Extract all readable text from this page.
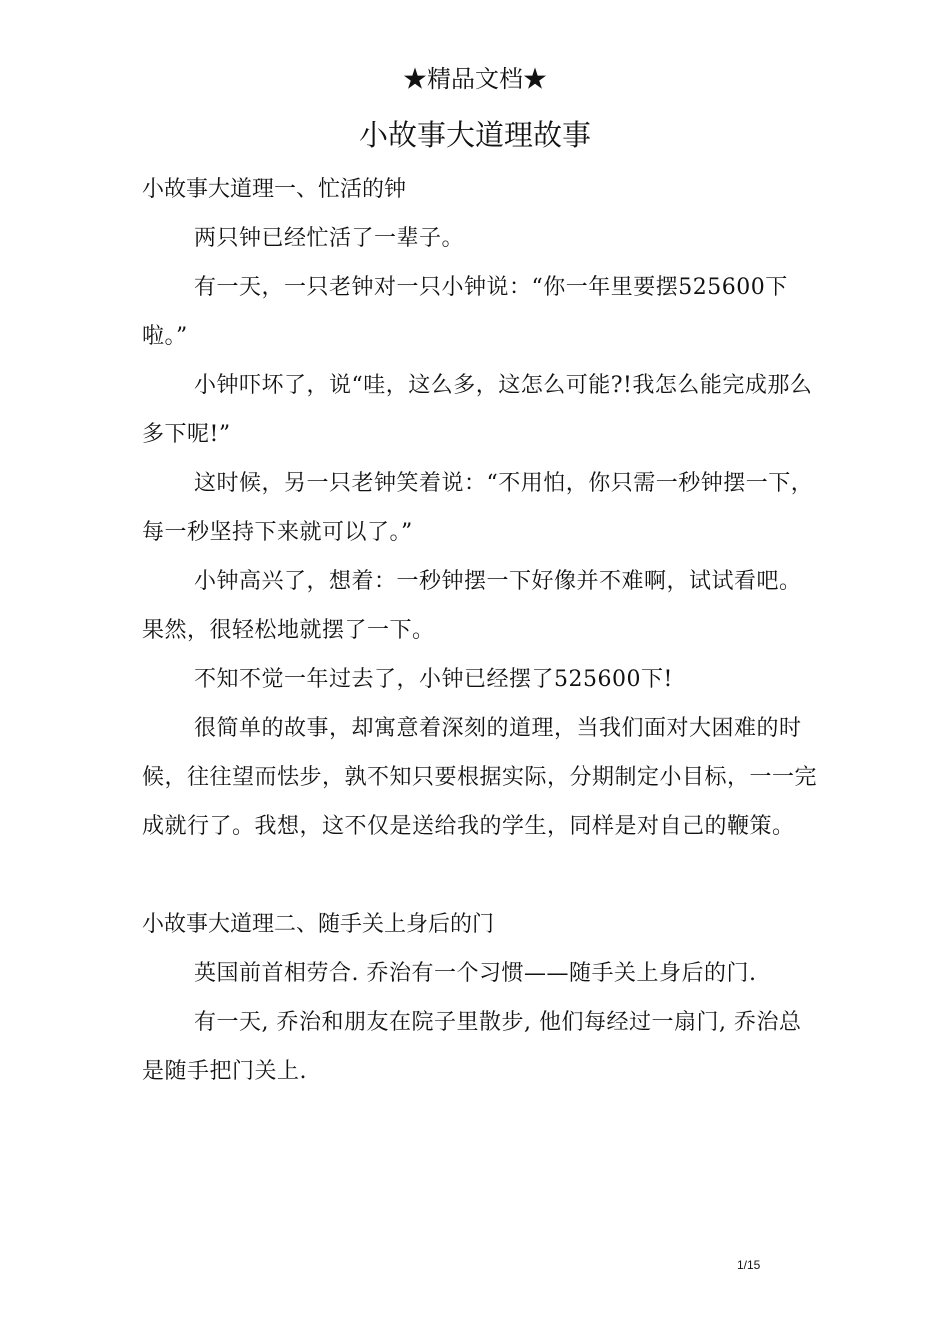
★精品文档★
小故事大道理故事

小故事大道理一、忙活的钟

两只钟已经忙活了一辈子。

有一天，一只老钟对一只小钟说：“你一年里要摆525600下啦。”

小钟吓坏了，说“哇，这么多，这怎么可能?!我怎么能完成那么多下呢!”

这时候，另一只老钟笑着说：“不用怕，你只需一秒钟摆一下，每一秒坚持下来就可以了。”

小钟高兴了，想着：一秒钟摆一下好像并不难啊，试试看吧。果然，很轻松地就摆了一下。

不知不觉一年过去了，小钟已经摆了525600下!

很简单的故事，却寓意着深刻的道理，当我们面对大困难的时候，往往望而怯步，孰不知只要根据实际，分期制定小目标，一一完成就行了。我想，这不仅是送给我的学生，同样是对自己的鞭策。

小故事大道理二、随手关上身后的门

英国前首相劳合. 乔治有一个习惯——随手关上身后的门.

有一天, 乔治和朋友在院子里散步, 他们每经过一扇门, 乔治总是随手把门关上.

1/15
